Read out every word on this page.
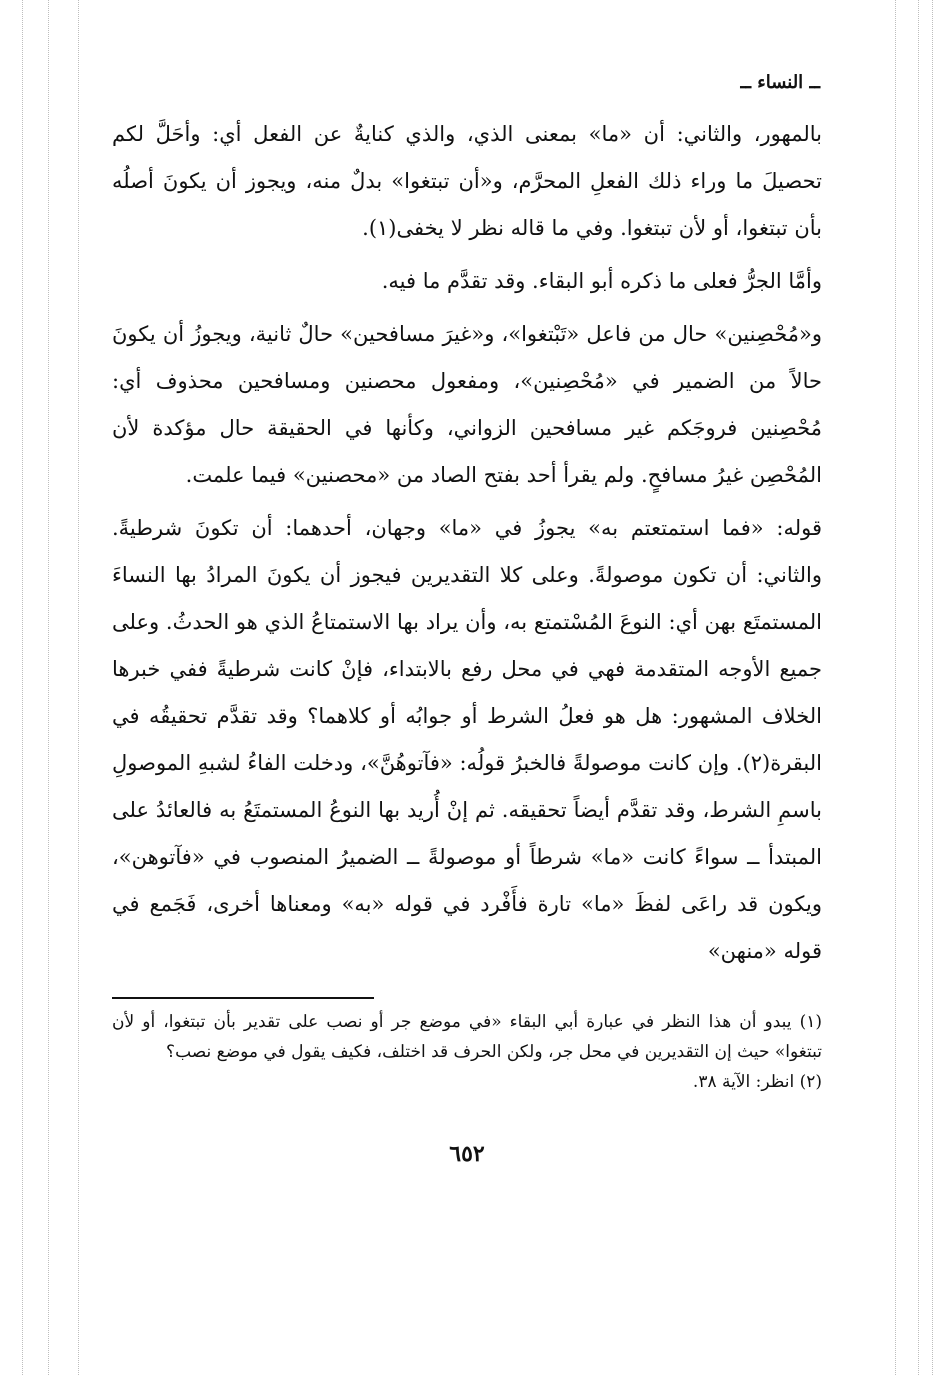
ــ النساء ــ

بالمهور، والثاني: أن «ما» بمعنى الذي، والذي كنايةٌ عن الفعل أي: وأحَلَّ لكم تحصيلَ ما وراء ذلك الفعلِ المحرَّم، و«أن تبتغوا» بدلٌ منه، ويجوز أن يكونَ أصلُه بأن تبتغوا، أو لأن تبتغوا. وفي ما قاله نظر لا يخفى(١).

وأمَّا الجرُّ فعلى ما ذكره أبو البقاء. وقد تقدَّم ما فيه.

و«مُحْصِنين» حال من فاعل «تَبْتغوا»، و«غيرَ مسافحين» حالٌ ثانية، ويجوزُ أن يكونَ حالاً من الضمير في «مُحْصِنين»، ومفعول محصنين ومسافحين محذوف أي: مُحْصِنين فروجَكم غير مسافحين الزواني، وكأنها في الحقيقة حال مؤكدة لأن المُحْصِن غيرُ مسافحٍ. ولم يقرأ أحد بفتح الصاد من «محصنين» فيما علمت.

قوله: «فما استمتعتم به» يجوزُ في «ما» وجهان، أحدهما: أن تكونَ شرطيةً. والثاني: أن تكون موصولةً. وعلى كلا التقديرين فيجوز أن يكونَ المرادُ بها النساءَ المستمتَع بهن أي: النوعَ المُسْتمتع به، وأن يراد بها الاستمتاعُ الذي هو الحدثُ. وعلى جميع الأوجه المتقدمة فهي في محل رفع بالابتداء، فإنْ كانت شرطيةً ففي خبرها الخلاف المشهور: هل هو فعلُ الشرط أو جوابُه أو كلاهما؟ وقد تقدَّم تحقيقُه في البقرة(٢). وإن كانت موصولةً فالخبرُ قولُه: «فآتوهُنَّ»، ودخلت الفاءُ لشبهِ الموصولِ باسمِ الشرط، وقد تقدَّم أيضاً تحقيقه. ثم إنْ أُريد بها النوعُ المستمتَعُ به فالعائدُ على المبتدأ ــ سواءً كانت «ما» شرطاً أو موصولةً ــ الضميرُ المنصوب في «فآتوهن»، ويكون قد راعَى لفظَ «ما» تارة فأَفْرد في قوله «به» ومعناها أخرى، فَجَمع في قوله «منهن»

(١) يبدو أن هذا النظر في عبارة أبي البقاء «في موضع جر أو نصب على تقدير بأن تبتغوا، أو لأن تبتغوا» حيث إن التقديرين في محل جر، ولكن الحرف قد اختلف، فكيف يقول في موضع نصب؟

(٢) انظر: الآية ٣٨.

٦٥٢
